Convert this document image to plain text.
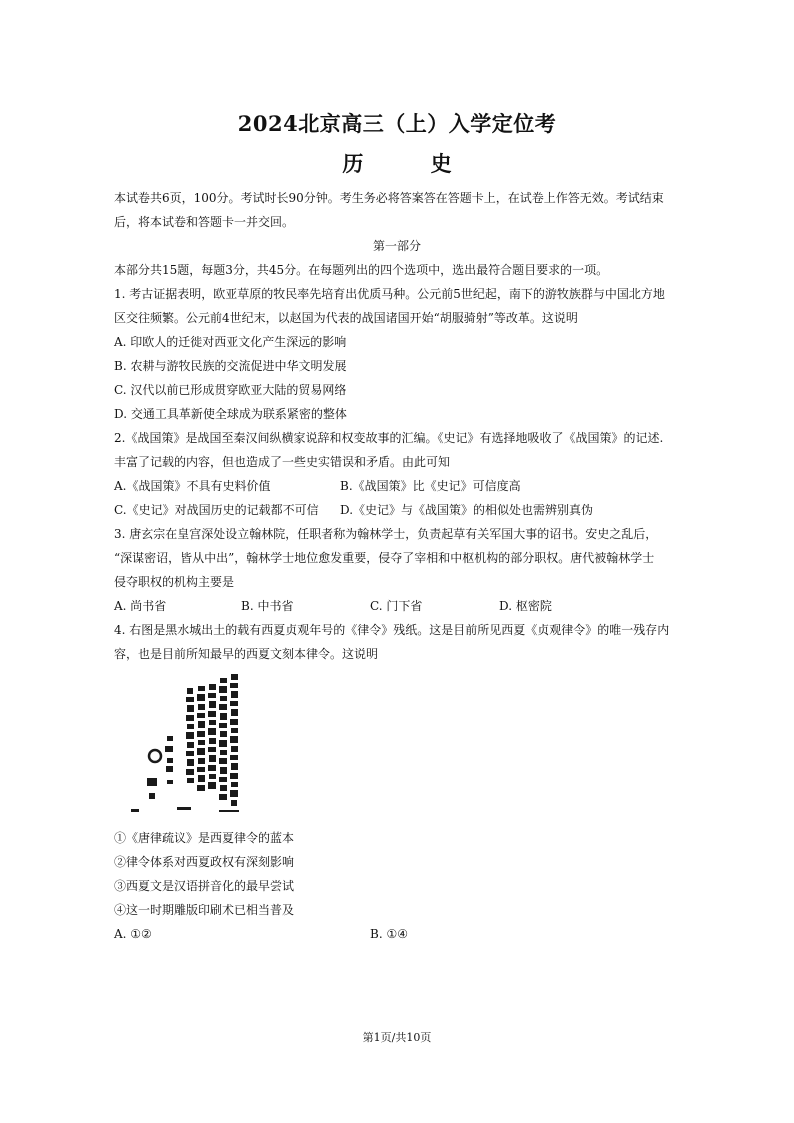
2024北京高三（上）入学定位考
历 史
本试卷共6页，100分。考试时长90分钟。考生务必将答案答在答题卡上，在试卷上作答无效。考试结束
后，将本试卷和答题卡一并交回。
第一部分
本部分共15题，每题3分，共45分。在每题列出的四个选项中，选出最符合题目要求的一项。
1. 考古证据表明，欧亚草原的牧民率先培育出优质马种。公元前5世纪起，南下的游牧族群与中国北方地
区交往频繁。公元前4世纪末，以赵国为代表的战国诸国开始“胡服骑射”等改革。这说明
A. 印欧人的迁徙对西亚文化产生深远的影响
B. 农耕与游牧民族的交流促进中华文明发展
C. 汉代以前已形成贯穿欧亚大陆的贸易网络
D. 交通工具革新使全球成为联系紧密的整体
2.《战国策》是战国至秦汉间纵横家说辞和权变故事的汇编。《史记》有选择地吸收了《战国策》的记述.
丰富了记载的内容，但也造成了一些史实错误和矛盾。由此可知
A.《战国策》不具有史料价值	B.《战国策》比《史记》可信度高
C.《史记》对战国历史的记载都不可信 D.《史记》与《战国策》的相似处也需辨别真伪
3. 唐玄宗在皇宫深处设立翰林院，任职者称为翰林学士，负责起草有关军国大事的诏书。安史之乱后，
“深谋密诏，皆从中出”，翰林学士地位愈发重要，侵夺了宰相和中枢机构的部分职权。唐代被翰林学士
侵夺职权的机构主要是
A. 尚书省	B. 中书省	C. 门下省	D. 枢密院
4. 右图是黑水城出土的载有西夏贞观年号的《律令》残纸。这是目前所见西夏《贞观律令》的唯一残存内
容，也是目前所知最早的西夏文刻本律令。这说明
①《唐律疏议》是西夏律令的蓝本
②律令体系对西夏政权有深刻影响
③西夏文是汉语拼音化的最早尝试
④这一时期雕版印刷术已相当普及
A. ①②	B. ①④
第1页/共10页
